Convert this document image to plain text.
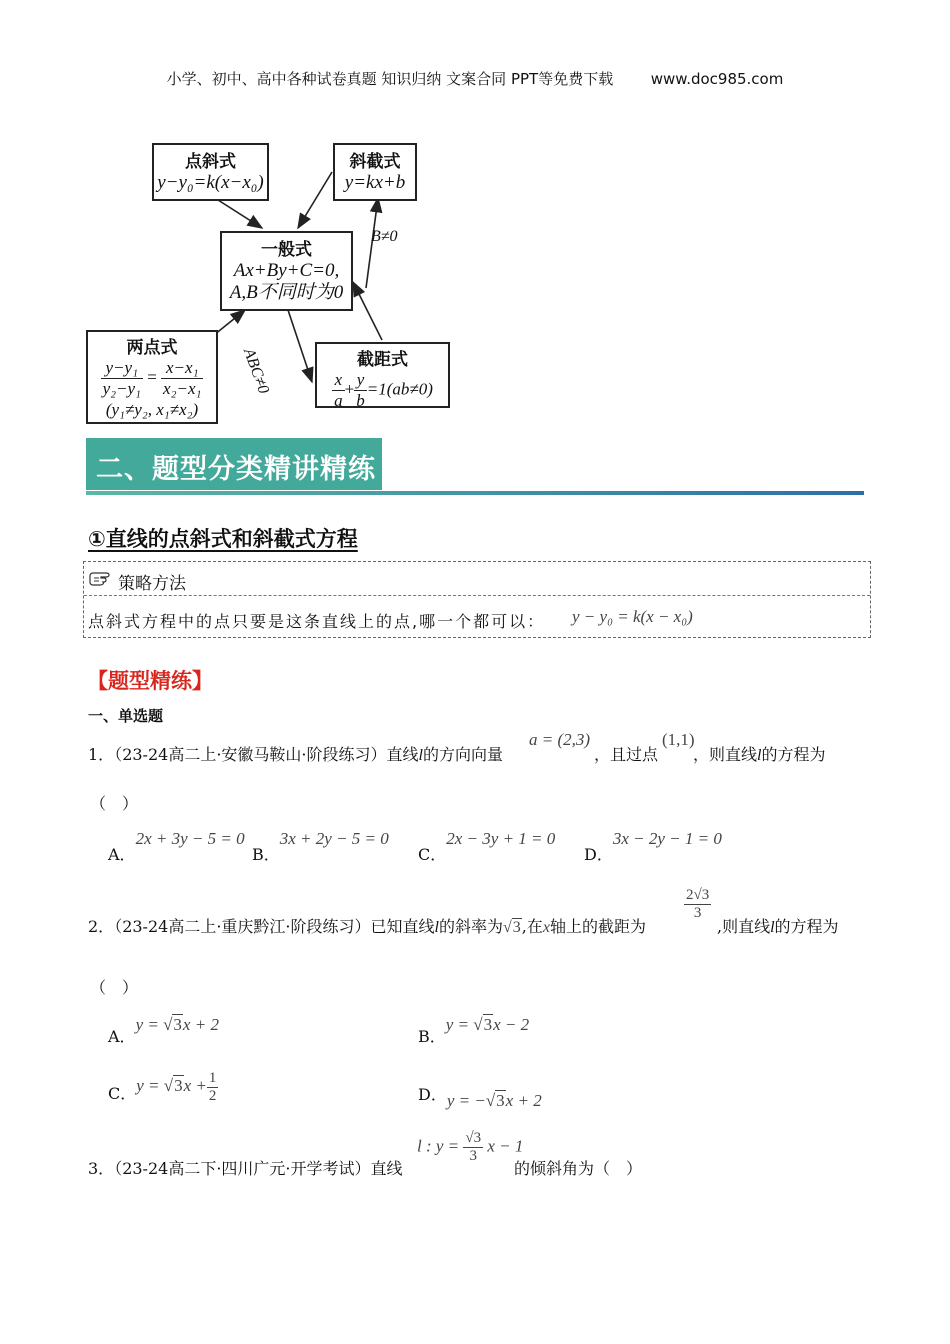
小学、初中、高中各种试卷真题 知识归纳 文案合同 PPT等免费下载	www.doc985.com
点斜式
y−y₀=k(x−x₀)
斜截式
y=kx+b
一般式
Ax+By+C=0,
A,B不同时为0
两点式
$\frac{\text{y−y₁}}{\text{y₂−y₁}} = \frac{\text{x−x₁}}{\text{x₂−x₁}}$
(y₁≠y₂, x₁≠x₂)
截距式
$\frac{x}{a} + \frac{y}{b} =1(ab\ne 0)$
B≠0
ABC≠0
二、题型分类精讲精练
①直线的点斜式和斜截式方程
策略方法
点斜式方程中的点只要是这条直线上的点,哪一个都可以： y − y₀ = k(x − x₀)
【题型精练】
一、单选题
1．（23-24高二上·安徽马鞍山·阶段练习）直线l的方向向量
a = (2,3)
，且过点
(1,1)
，则直线l的方程为
（　）
A．2x + 3y − 5 = 0
B．3x + 2y − 5 = 0
C．2x − 3y + 1 = 0
D．3x − 2y − 1 = 0
2．（23-24高二上·重庆黔江·阶段练习）已知直线l的斜率为√3,在x轴上的截距为
$\frac{2√3}{3}$
,则直线l的方程为
（　）
A．y = √3x + 2
B．y = √3x − 2
C．$y = √3x + \frac{1}{2}$	D．y = −√3x + 2
3．（23-24高二下·四川广元·开学考试）直线
l : $y = \frac{√3}{3}$ x − 1
的倾斜角为（　）
